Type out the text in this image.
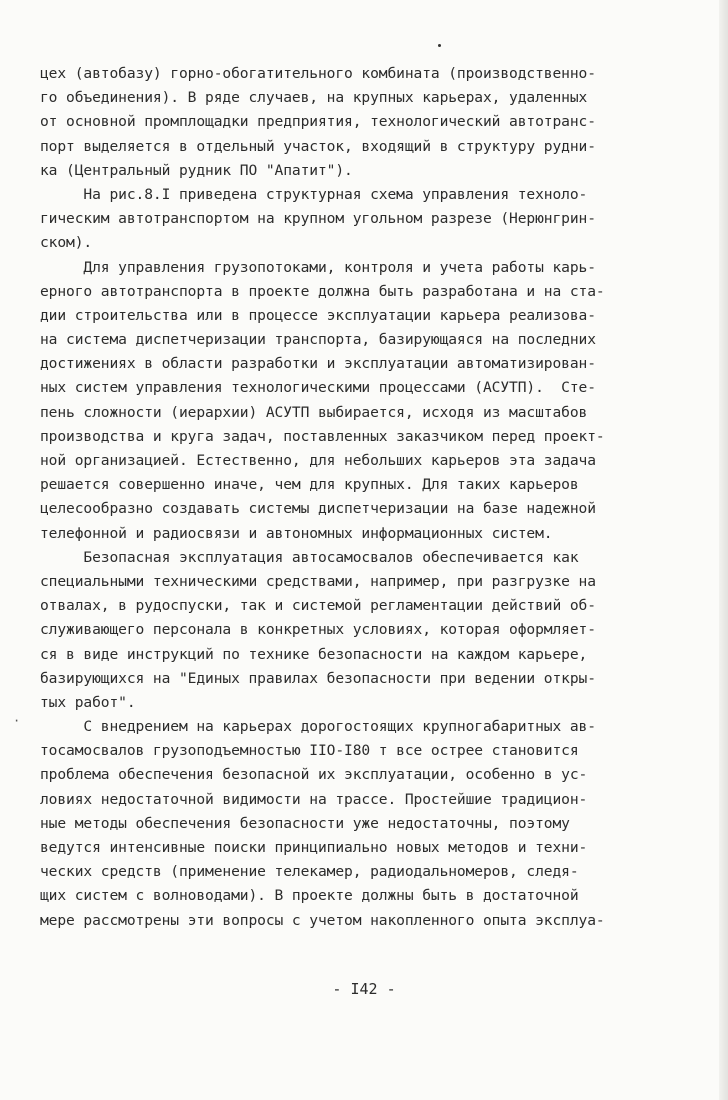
·
цех (автобазу) горно-обогатительного комбината (производственно-
го объединения). В ряде случаев, на крупных карьерах, удаленных
от основной промплощадки предприятия, технологический автотранс-
порт выделяется в отдельный участок, входящий в структуру рудни-
ка (Центральный рудник ПО "Апатит").
На рис.8.I приведена структурная схема управления техноло-
гическим автотранспортом на крупном угольном разрезе (Нерюнгрин-
ском).
Для управления грузопотоками, контроля и учета работы карь-
ерного автотранспорта в проекте должна быть разработана и на ста-
дии строительства или в процессе эксплуатации карьера реализова-
на система диспетчеризации транспорта, базирующаяся на последних
достижениях в области разработки и эксплуатации автоматизирован-
ных систем управления технологическими процессами (АСУТП).  Сте-
пень сложности (иерархии) АСУТП выбирается, исходя из масштабов
производства и круга задач, поставленных заказчиком перед проект-
ной организацией. Естественно, для небольших карьеров эта задача
решается совершенно иначе, чем для крупных. Для таких карьеров
целесообразно создавать системы диспетчеризации на базе надежной
телефонной и радиосвязи и автономных информационных систем.
Безопасная эксплуатация автосамосвалов обеспечивается как
специальными техническими средствами, например, при разгрузке на
отвалах, в рудоспуски, так и системой регламентации действий об-
служивающего персонала в конкретных условиях, которая оформляет-
ся в виде инструкций по технике безопасности на каждом карьере,
базирующихся на "Единых правилах безопасности при ведении откры-
тых работ".
С внедрением на карьерах дорогостоящих крупногабаритных ав-
тосамосвалов грузоподъемностью IIO-I80 т все острее становится
проблема обеспечения безопасной их эксплуатации, особенно в ус-
ловиях недостаточной видимости на трассе. Простейшие традицион-
ные методы обеспечения безопасности уже недостаточны, поэтому
ведутся интенсивные поиски принципиально новых методов и техни-
ческих средств (применение телекамер, радиодальномеров, следя-
щих систем с волноводами). В проекте должны быть в достаточной
мере рассмотрены эти вопросы с учетом накопленного опыта эксплуа-
- I42 -
